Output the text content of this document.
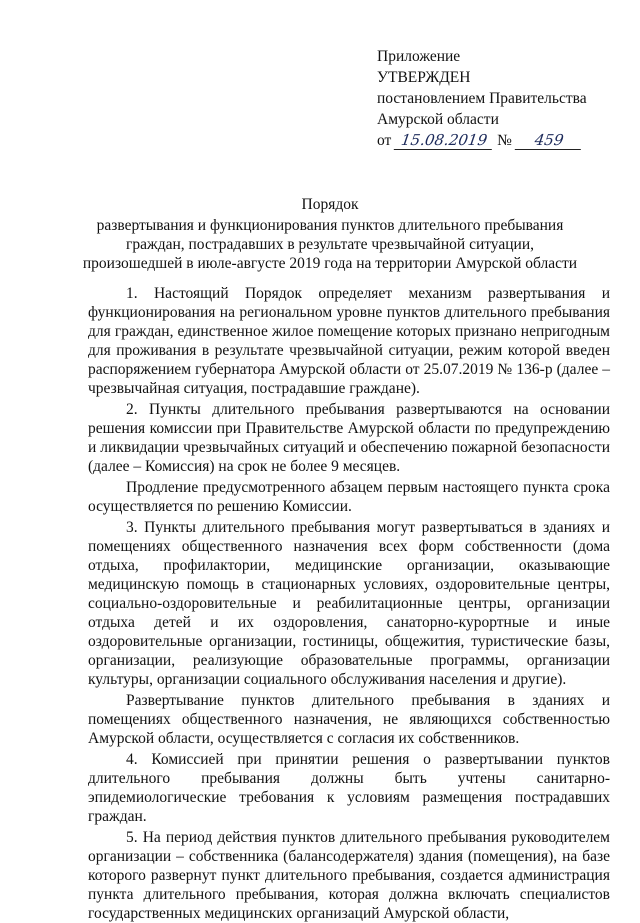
Приложение
УТВЕРЖДЕН
постановлением Правительства
Амурской области
от 15.08.2019 № 459
Порядок
развертывания и функционирования пунктов длительного пребывания граждан, пострадавших в результате чрезвычайной ситуации, произошедшей в июле-августе 2019 года на территории Амурской области

1. Настоящий Порядок определяет механизм развертывания и функционирования на региональном уровне пунктов длительного пребывания для граждан, единственное жилое помещение которых признано непригодным для проживания в результате чрезвычайной ситуации, режим которой введен распоряжением губернатора Амурской области от 25.07.2019 № 136-р (далее – чрезвычайная ситуация, пострадавшие граждане).

2. Пункты длительного пребывания развертываются на основании решения комиссии при Правительстве Амурской области по предупреждению и ликвидации чрезвычайных ситуаций и обеспечению пожарной безопасности (далее – Комиссия) на срок не более 9 месяцев.

Продление предусмотренного абзацем первым настоящего пункта срока осуществляется по решению Комиссии.

3. Пункты длительного пребывания могут развертываться в зданиях и помещениях общественного назначения всех форм собственности (дома отдыха, профилактории, медицинские организации, оказывающие медицинскую помощь в стационарных условиях, оздоровительные центры, социально-оздоровительные и реабилитационные центры, организации отдыха детей и их оздоровления, санаторно-курортные и иные оздоровительные организации, гостиницы, общежития, туристические базы, организации, реализующие образовательные программы, организации культуры, организации социального обслуживания населения и другие).

Развертывание пунктов длительного пребывания в зданиях и помещениях общественного назначения, не являющихся собственностью Амурской области, осуществляется с согласия их собственников.

4. Комиссией при принятии решения о развертывании пунктов длительного пребывания должны быть учтены санитарно-эпидемиологические требования к условиям размещения пострадавших граждан.

5. На период действия пунктов длительного пребывания руководителем организации – собственника (балансодержателя) здания (помещения), на базе которого развернут пункт длительного пребывания, создается администрация пункта длительного пребывания, которая должна включать специалистов государственных медицинских организаций Амурской области,
